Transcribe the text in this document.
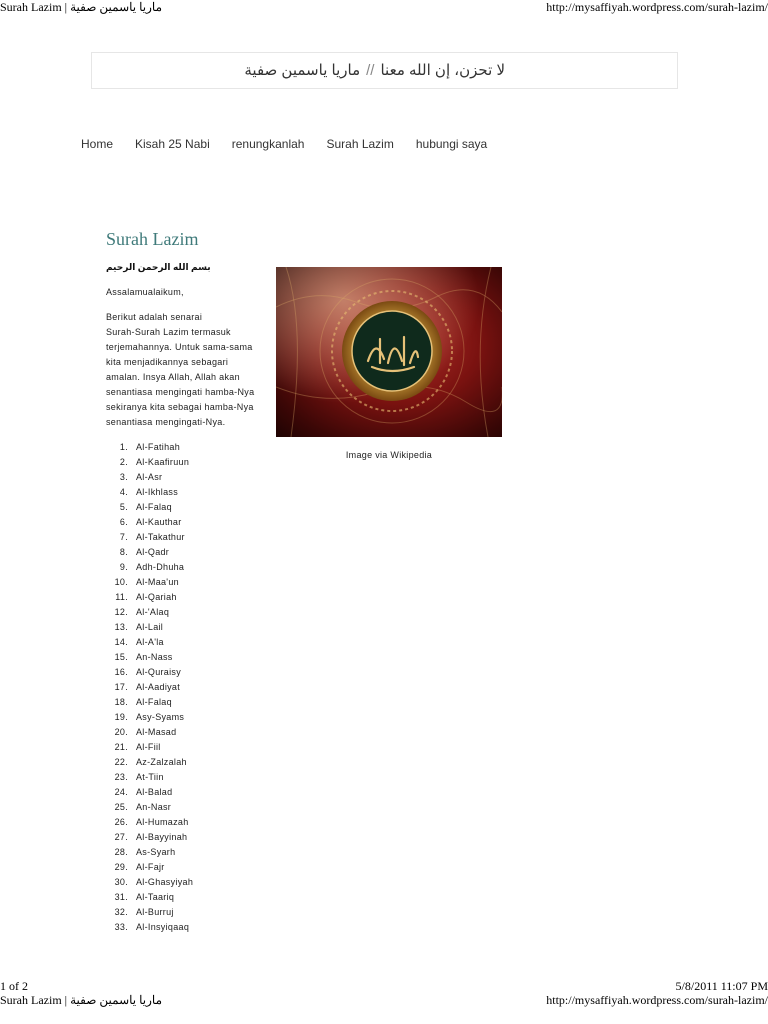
Surah Lazim | ماريا ياسمين صفية	http://mysaffiyah.wordpress.com/surah-lazim/
لا تحزن، إن الله معنا//ماريا ياسمين صفية
Home Kisah 25 Nabi renungkanlah Surah Lazim hubungi saya
Surah Lazim
بسم الله الرحمن الرحيم
Assalamualaikum,
Berikut adalah senarai
Surah-Surah Lazim termasuk
terjemahannya. Untuk sama-sama
kita menjadikannya sebagari
amalan. Insya Allah, Allah akan
senantiasa mengingati hamba-Nya
sekiranya kita sebagai hamba-Nya
senantiasa mengingati-Nya.
Image via Wikipedia
1. Al-Fatihah
2. Al-Kaafiruun
3. Al-Asr
4. Al-Ikhlass
5. Al-Falaq
6. Al-Kauthar
7. Al-Takathur
8. Al-Qadr
9. Adh-Dhuha
10. Al-Maa'un
11. Al-Qariah
12. Al-'Alaq
13. Al-Lail
14. Al-A'la
15. An-Nass
16. Al-Quraisy
17. Al-Aadiyat
18. Al-Falaq
19. Asy-Syams
20. Al-Masad
21. Al-Fiil
22. Az-Zalzalah
23. At-Tiin
24. Al-Balad
25. An-Nasr
26. Al-Humazah
27. Al-Bayyinah
28. As-Syarh
29. Al-Fajr
30. Al-Ghasyiyah
31. Al-Taariq
32. Al-Burruj
33. Al-Insyiqaaq
1 of 2	5/8/2011 11:07 PM
Surah Lazim | ماريا ياسمين صفية	http://mysaffiyah.wordpress.com/surah-lazim/
